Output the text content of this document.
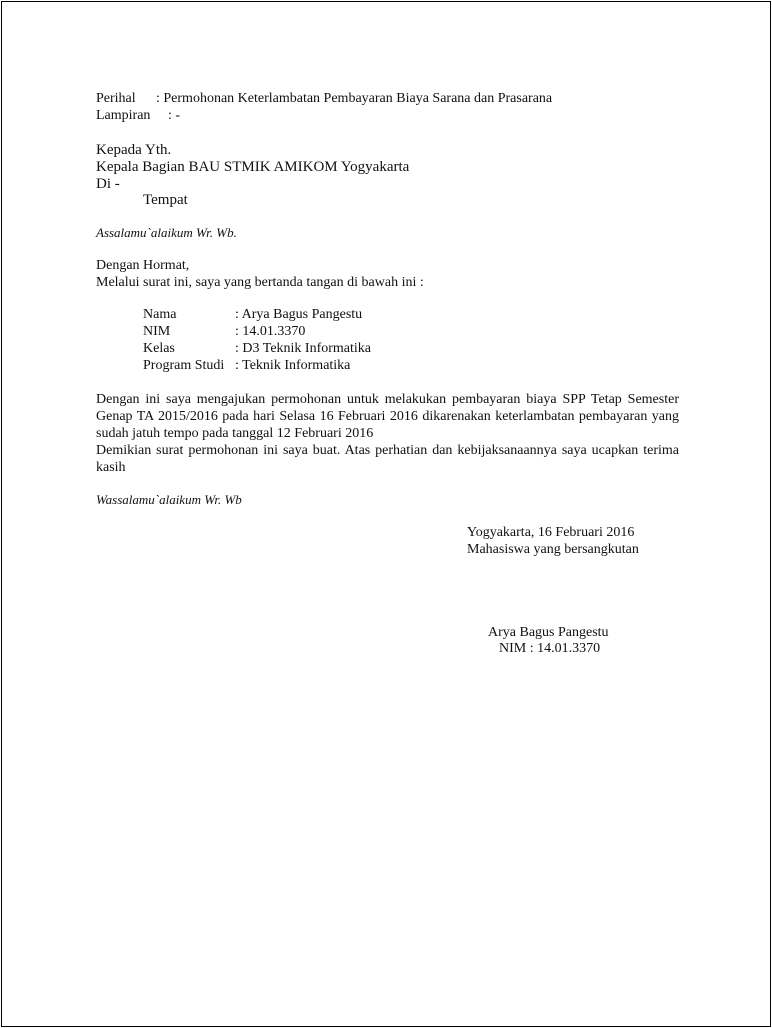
Perihal : Permohonan Keterlambatan Pembayaran Biaya Sarana dan Prasarana
Lampiran : -
Kepada Yth.
Kepala Bagian BAU STMIK AMIKOM Yogyakarta
Di -
Tempat
Assalamu`alaikum Wr. Wb.
Dengan Hormat,
Melalui surat ini, saya yang bertanda tangan di bawah ini :
Nama	: Arya Bagus Pangestu
NIM	: 14.01.3370
Kelas	: D3 Teknik Informatika
Program Studi : Teknik Informatika
Dengan ini saya mengajukan permohonan untuk melakukan pembayaran biaya SPP Tetap Semester Genap TA 2015/2016 pada hari Selasa 16 Februari 2016 dikarenakan keterlambatan pembayaran yang sudah jatuh tempo pada tanggal 12 Februari 2016
Demikian surat permohonan ini saya buat. Atas perhatian dan kebijaksanaannya saya ucapkan terima kasih
Wassalamu`alaikum Wr. Wb
Yogyakarta, 16 Februari 2016
Mahasiswa yang bersangkutan
Arya Bagus Pangestu
NIM : 14.01.3370
